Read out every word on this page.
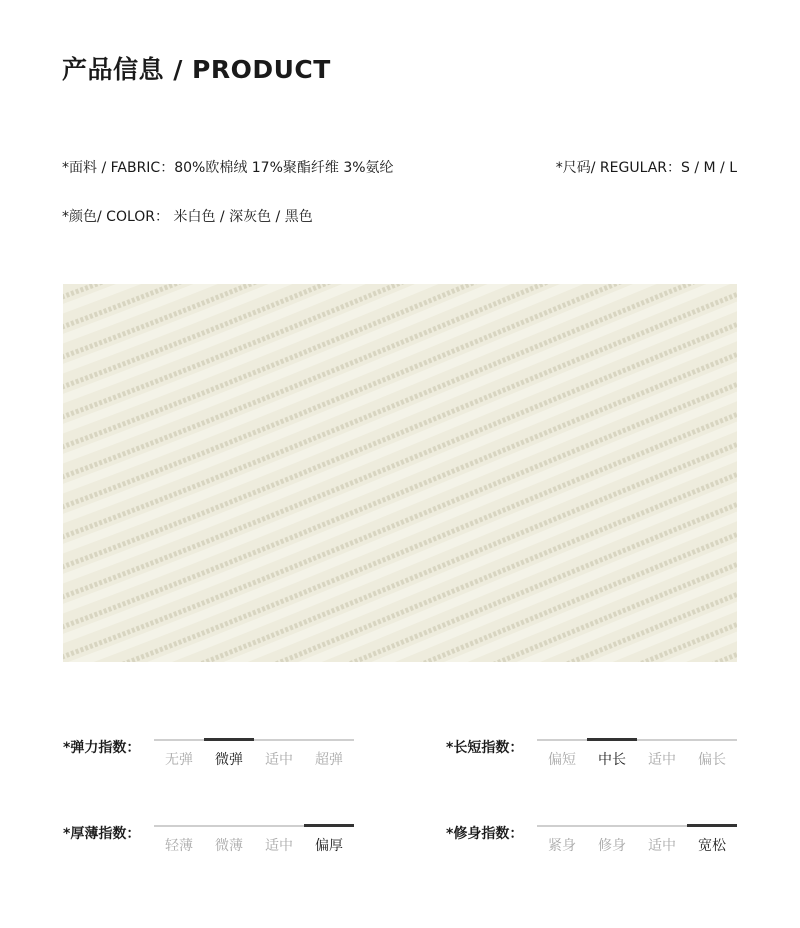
产品信息 / PRODUCT
*面料 / FABRIC：80%欧棉绒 17%聚酯纤维 3%氨纶	*尺码/ REGULAR：S / M / L
*颜色/ COLOR： 米白色 / 深灰色 / 黑色
*弹力指数：
无弹	微弹	适中	超弹
*长短指数：
偏短	中长	适中	偏长
*厚薄指数：
轻薄	微薄	适中	偏厚
*修身指数：
紧身	修身	适中	宽松
